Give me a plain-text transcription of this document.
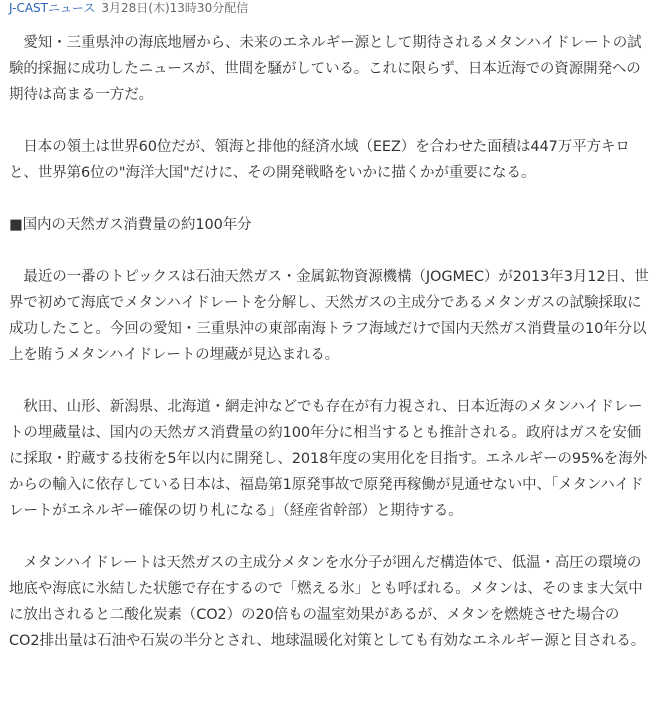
J-CASTニュース 3月28日(木)13時30分配信

　愛知・三重県沖の海底地層から、未来のエネルギー源として期待されるメタンハイドレートの試験的採掘に成功したニュースが、世間を騒がしている。これに限らず、日本近海での資源開発への期待は高まる一方だ。

　日本の領土は世界60位だが、領海と排他的経済水域（EEZ）を合わせた面積は447万平方キロと、世界第6位の"海洋大国"だけに、その開発戦略をいかに描くかが重要になる。

■国内の天然ガス消費量の約100年分

　最近の一番のトピックスは石油天然ガス・金属鉱物資源機構（JOGMEC）が2013年3月12日、世界で初めて海底でメタンハイドレートを分解し、天然ガスの主成分であるメタンガスの試験採取に成功したこと。今回の愛知・三重県沖の東部南海トラフ海域だけで国内天然ガス消費量の10年分以上を賄うメタンハイドレートの埋蔵が見込まれる。

　秋田、山形、新潟県、北海道・網走沖などでも存在が有力視され、日本近海のメタンハイドレートの埋蔵量は、国内の天然ガス消費量の約100年分に相当するとも推計される。政府はガスを安価に採取・貯蔵する技術を5年以内に開発し、2018年度の実用化を目指す。エネルギーの95%を海外からの輸入に依存している日本は、福島第1原発事故で原発再稼働が見通せない中、「メタンハイドレートがエネルギー確保の切り札になる」（経産省幹部）と期待する。

　メタンハイドレートは天然ガスの主成分メタンを水分子が囲んだ構造体で、低温・高圧の環境の地底や海底に氷結した状態で存在するので「燃える氷」とも呼ばれる。メタンは、そのまま大気中に放出されると二酸化炭素（CO2）の20倍もの温室効果があるが、メタンを燃焼させた場合のCO2排出量は石油や石炭の半分とされ、地球温暖化対策としても有効なエネルギー源と目される。
